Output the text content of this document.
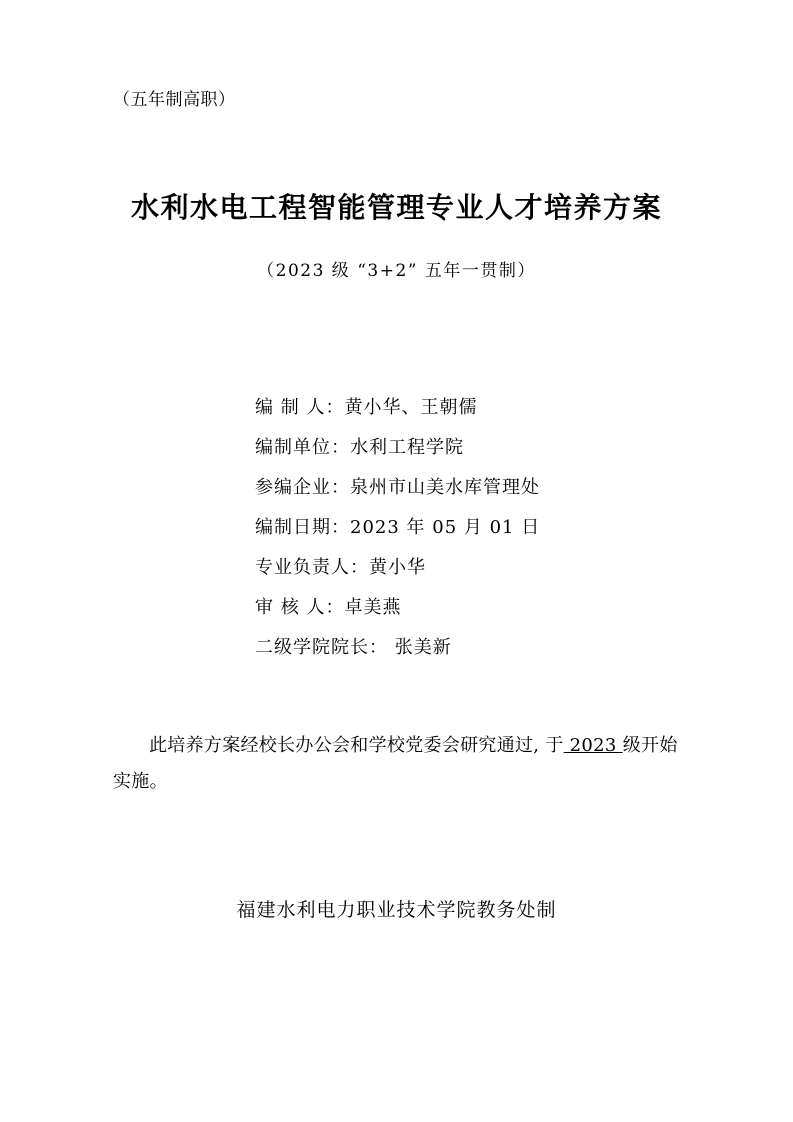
（五年制高职）
水利水电工程智能管理专业人才培养方案
（2023 级 “3+2” 五年一贯制）
编 制 人：黄小华、王朝儒
编制单位：水利工程学院
参编企业：泉州市山美水库管理处
编制日期：2023 年 05 月 01 日
专业负责人：黄小华
审 核 人：卓美燕
二级学院院长： 张美新
此培养方案经校长办公会和学校党委会研究通过, 于 2023 级开始实施。
福建水利电力职业技术学院教务处制
